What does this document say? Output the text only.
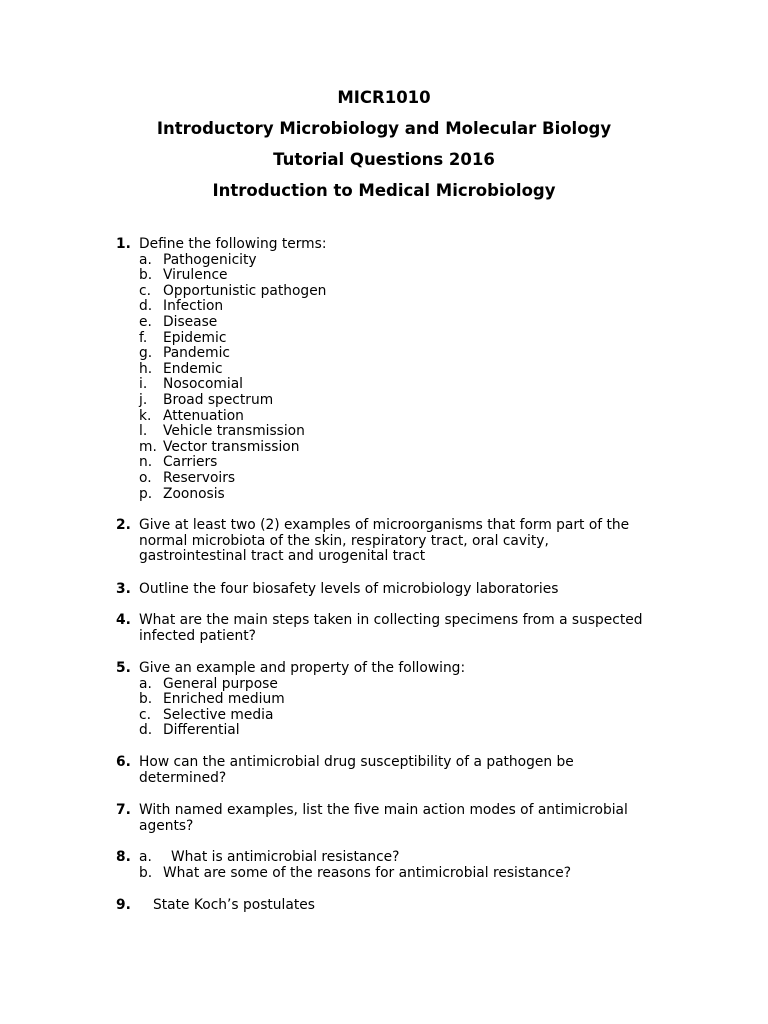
MICR1010
Introductory Microbiology and Molecular Biology
Tutorial Questions 2016
Introduction to Medical Microbiology
1. Define the following terms:
a. Pathogenicity
b. Virulence
c. Opportunistic pathogen
d. Infection
e. Disease
f. Epidemic
g. Pandemic
h. Endemic
i. Nosocomial
j. Broad spectrum
k. Attenuation
l. Vehicle transmission
m. Vector transmission
n. Carriers
o. Reservoirs
p. Zoonosis
2. Give at least two (2) examples of microorganisms that form part of the
normal microbiota of the skin, respiratory tract, oral cavity,
gastrointestinal tract and urogenital tract
3. Outline the four biosafety levels of microbiology laboratories
4. What are the main steps taken in collecting specimens from a suspected
infected patient?
5. Give an example and property of the following:
a. General purpose
b. Enriched medium
c. Selective media
d. Differential
6. How can the antimicrobial drug susceptibility of a pathogen be
determined?
7. With named examples, list the five main action modes of antimicrobial
agents?
8. a. What is antimicrobial resistance?
b. What are some of the reasons for antimicrobial resistance?
9. State Koch’s postulates
